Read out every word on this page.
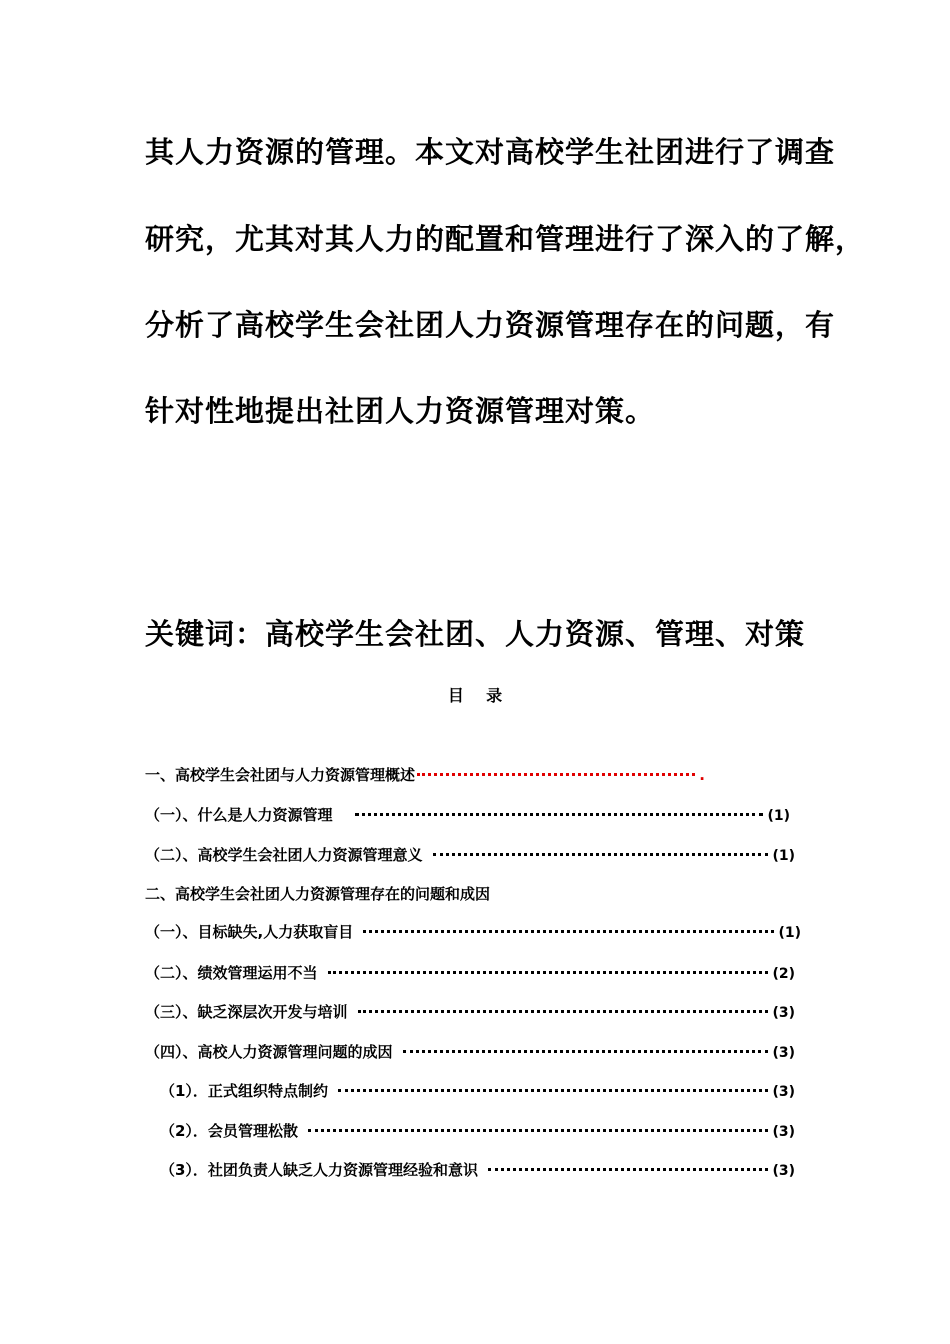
其人力资源的管理。本文对高校学生社团进行了调查
研究，尤其对其人力的配置和管理进行了深入的了解，
分析了高校学生会社团人力资源管理存在的问题，有
针对性地提出社团人力资源管理对策。
关键词：高校学生会社团、人力资源、管理、对策
目    录
一、高校学生会社团与人力资源管理概述	.
（一）、什么是人力资源管理	(1)
（二）、高校学生会社团人力资源管理意义	(1)
二、高校学生会社团人力资源管理存在的问题和成因
（一）、目标缺失,人力获取盲目	(1)
（二）、绩效管理运用不当	(2)
（三）、缺乏深层次开发与培训	(3)
（四）、高校人力资源管理问题的成因	(3)
（1）．正式组织特点制约	(3)
（2）．会员管理松散	(3)
（3）．社团负责人缺乏人力资源管理经验和意识	(3)
